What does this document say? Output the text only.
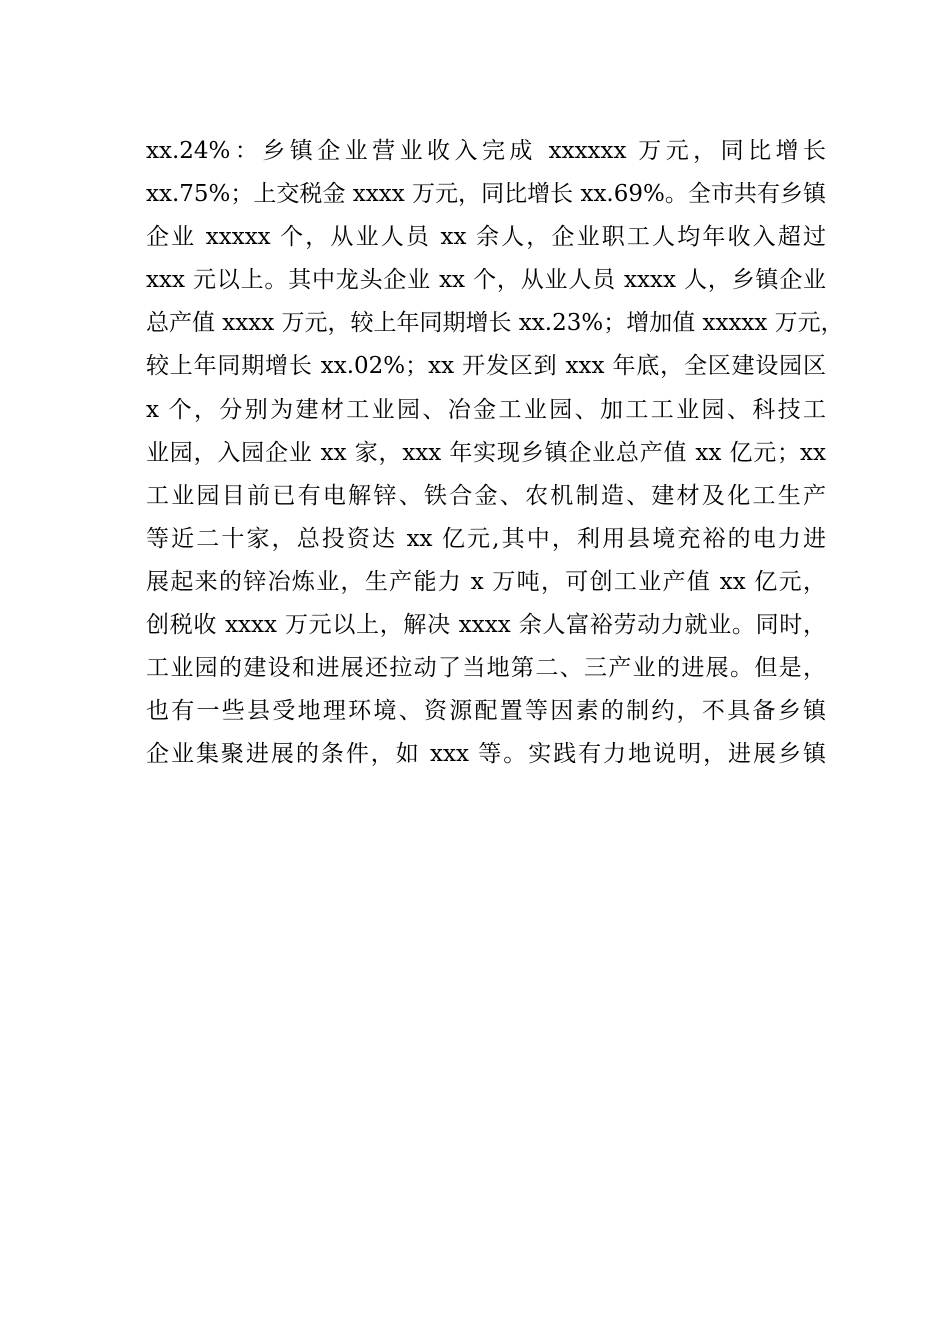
xx.24%：乡镇企业营业收入完成 xxxxxx 万元，同比增长
xx.75%；上交税金 xxxx 万元，同比增长 xx.69%。全市共有乡镇
企业 xxxxx 个，从业人员 xx 余人，企业职工人均年收入超过
xxx 元以上。其中龙头企业 xx 个，从业人员 xxxx 人，乡镇企业
总产值 xxxx 万元，较上年同期增长 xx.23%；增加值 xxxxx 万元，
较上年同期增长 xx.02%；xx 开发区到 xxx 年底，全区建设园区
x 个，分别为建材工业园、冶金工业园、加工工业园、科技工
业园，入园企业 xx 家，xxx 年实现乡镇企业总产值 xx 亿元；xx
工业园目前已有电解锌、铁合金、农机制造、建材及化工生产
等近二十家，总投资达 xx 亿元,其中，利用县境充裕的电力进
展起来的锌冶炼业，生产能力 x 万吨，可创工业产值 xx 亿元，
创税收 xxxx 万元以上，解决 xxxx 余人富裕劳动力就业。同时，
工业园的建设和进展还拉动了当地第二、三产业的进展。但是，
也有一些县受地理环境、资源配置等因素的制约，不具备乡镇
企业集聚进展的条件，如 xxx 等。实践有力地说明，进展乡镇
